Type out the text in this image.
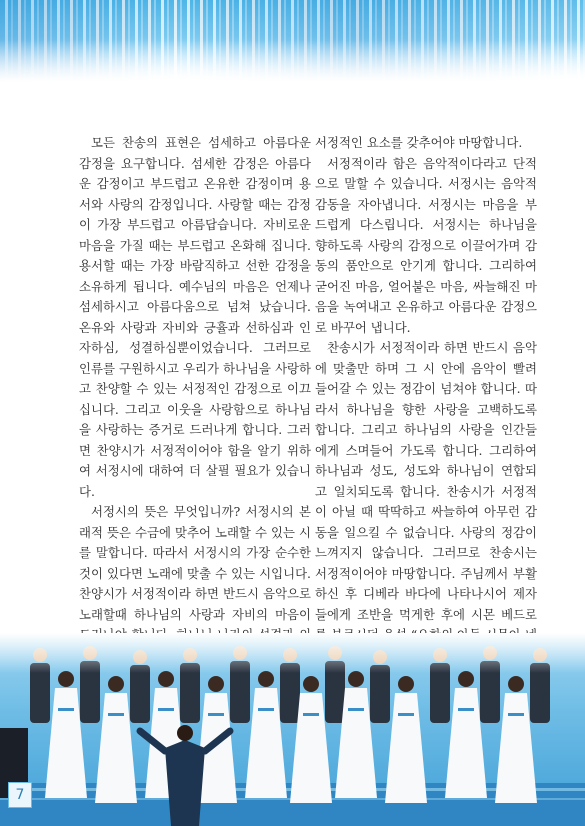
모든 찬송의 표현은 섬세하고 아름다운 감정을 요구합니다. 섬세한 감정은 아름다운 감정이고 부드럽고 온유한 감정이며 용서와 사랑의 감정입니다. 사랑할 때는 감정이 가장 부드럽고 아름답습니다. 자비로운 마음을 가질 때는 부드럽고 온화해 집니다. 용서할 때는 가장 바람직하고 선한 감정을 소유하게 됩니다. 예수님의 마음은 언제나 섬세하시고 아름다움으로 넘쳐 났습니다. 온유와 사랑과 자비와 긍휼과 선하심과 인자하심, 성결하심뿐이었습니다. 그러므로 인류를 구원하시고 우리가 하나님을 사랑하고 찬양할 수 있는 서정적인 감정으로 이끄십니다. 그리고 이웃을 사랑함으로 하나님을 사랑하는 증거로 드러나게 합니다. 그러면 찬양시가 서정적이어야 함을 알기 위하여 서정시에 대하여 더 살필 필요가 있습니다.

서정시의 뜻은 무엇입니까? 서정시의 본래적 뜻은 수금에 맞추어 노래할 수 있는 시를 말합니다. 따라서 서정시의 가장 순수한 것이 있다면 노래에 맞출 수 있는 시입니다. 찬양시가 서정적이라 하면 반드시 음악으로 노래할때 하나님의 사랑과 자비의 마음이

서정적인 요소를 갖추어야 마땅합니다.

서정적이라 함은 음악적이다라고 단적으로 말할 수 있습니다. 서정시는 음악적 감동을 자아냅니다. 서정시는 마음을 부드럽게 다스립니다. 서정시는 하나님을 향하도록 사랑의 감정으로 이끌어가며 감동의 품안으로 안기게 합니다. 그리하여 굳어진 마음, 얼어붙은 마음, 싸늘해진 마음을 녹여내고 온유하고 아름다운 감정으로 바꾸어 냅니다.

찬송시가 서정적이라 하면 반드시 음악에 맞출만 하며 그 시 안에 음악이 빨려 들어갈 수 있는 정감이 넘쳐야 합니다. 따라서 하나님을 향한 사랑을 고백하도록 합니다. 그리고 하나님의 사랑을 인간들에게 스며들어 가도록 합니다. 그리하여 하나님과 성도, 성도와 하나님이 연합되고 일치되도록 합니다. 찬송시가 서정적이 아닐 때 딱딱하고 싸늘하여 아무런 감동을 일으킬 수 없습니다. 사랑의 정감이 느껴지지 않습니다. 그러므로 찬송시는 서정적이어야 마땅합니다. 주님께서 부활하신 후 디베라 바다에 나타나시어 제자들에게 조반을 먹게한 후에 시몬 베드로

7
